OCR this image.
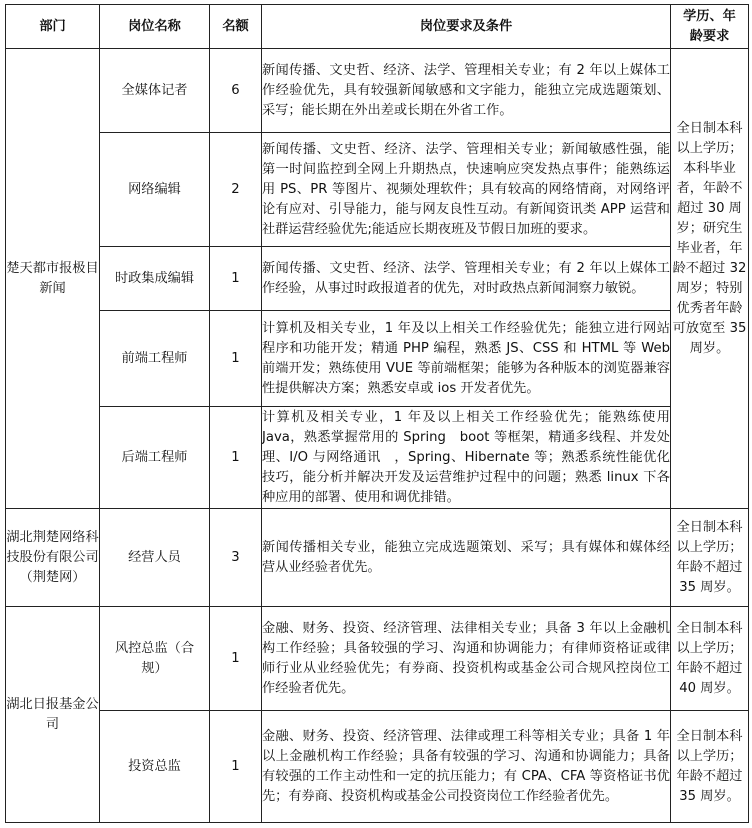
部门	岗位名称	名额	岗位要求及条件	学历、年龄要求
楚天都市报极目新闻	全媒体记者	6	新闻传播、文史哲、经济、法学、管理相关专业；有 2 年以上媒体工作经验优先，具有较强新闻敏感和文字能力，能独立完成选题策划、采写；能长期在外出差或长期在外省工作。	全日制本科以上学历；本科毕业者，年龄不超过 30 周岁；研究生毕业者，年龄不超过 32 周岁；特别优秀者年龄可放宽至 35 周岁。
	网络编辑	2	新闻传播、文史哲、经济、法学、管理相关专业；新闻敏感性强，能第一时间监控到全网上升期热点，快速响应突发热点事件；能熟练运用 PS、PR 等图片、视频处理软件；具有较高的网络情商，对网络评论有应对、引导能力，能与网友良性互动。有新闻资讯类 APP 运营和社群运营经验优先;能适应长期夜班及节假日加班的要求。	
	时政集成编辑	1	新闻传播、文史哲、经济、法学、管理相关专业；有 2 年以上媒体工作经验，从事过时政报道者的优先，对时政热点新闻洞察力敏锐。	
	前端工程师	1	计算机及相关专业，1 年及以上相关工作经验优先；能独立进行网站程序和功能开发；精通 PHP 编程，熟悉 JS、CSS 和 HTML 等 Web 前端开发；熟练使用 VUE 等前端框架；能够为各种版本的浏览器兼容性提供解决方案；熟悉安卓或 ios 开发者优先。	
	后端工程师	1	计算机及相关专业，1 年及以上相关工作经验优先；能熟练使用 Java，熟悉掌握常用的 Spring　boot 等框架，精通多线程、并发处理、I/O 与网络通讯　，Spring、Hibernate 等；熟悉系统性能优化技巧，能分析并解决开发及运营维护过程中的问题；熟悉 linux 下各种应用的部署、使用和调优排错。	
湖北荆楚网络科技股份有限公司（荆楚网）	经营人员	3	新闻传播相关专业，能独立完成选题策划、采写；具有媒体和媒体经营从业经验者优先。	全日制本科以上学历；年龄不超过 35 周岁。
湖北日报基金公司	风控总监（合规）	1	金融、财务、投资、经济管理、法律相关专业；具备 3 年以上金融机构工作经验；具备较强的学习、沟通和协调能力；有律师资格证或律师行业从业经验优先；有券商、投资机构或基金公司合规风控岗位工作经验者优先。	全日制本科以上学历；年龄不超过 40 周岁。
	投资总监	1	金融、财务、投资、经济管理、法律或理工科等相关专业；具备 1 年以上金融机构工作经验；具备有较强的学习、沟通和协调能力；具备有较强的工作主动性和一定的抗压能力；有 CPA、CFA 等资格证书优先；有券商、投资机构或基金公司投资岗位工作经验者优先。	全日制本科以上学历；年龄不超过 35 周岁。
